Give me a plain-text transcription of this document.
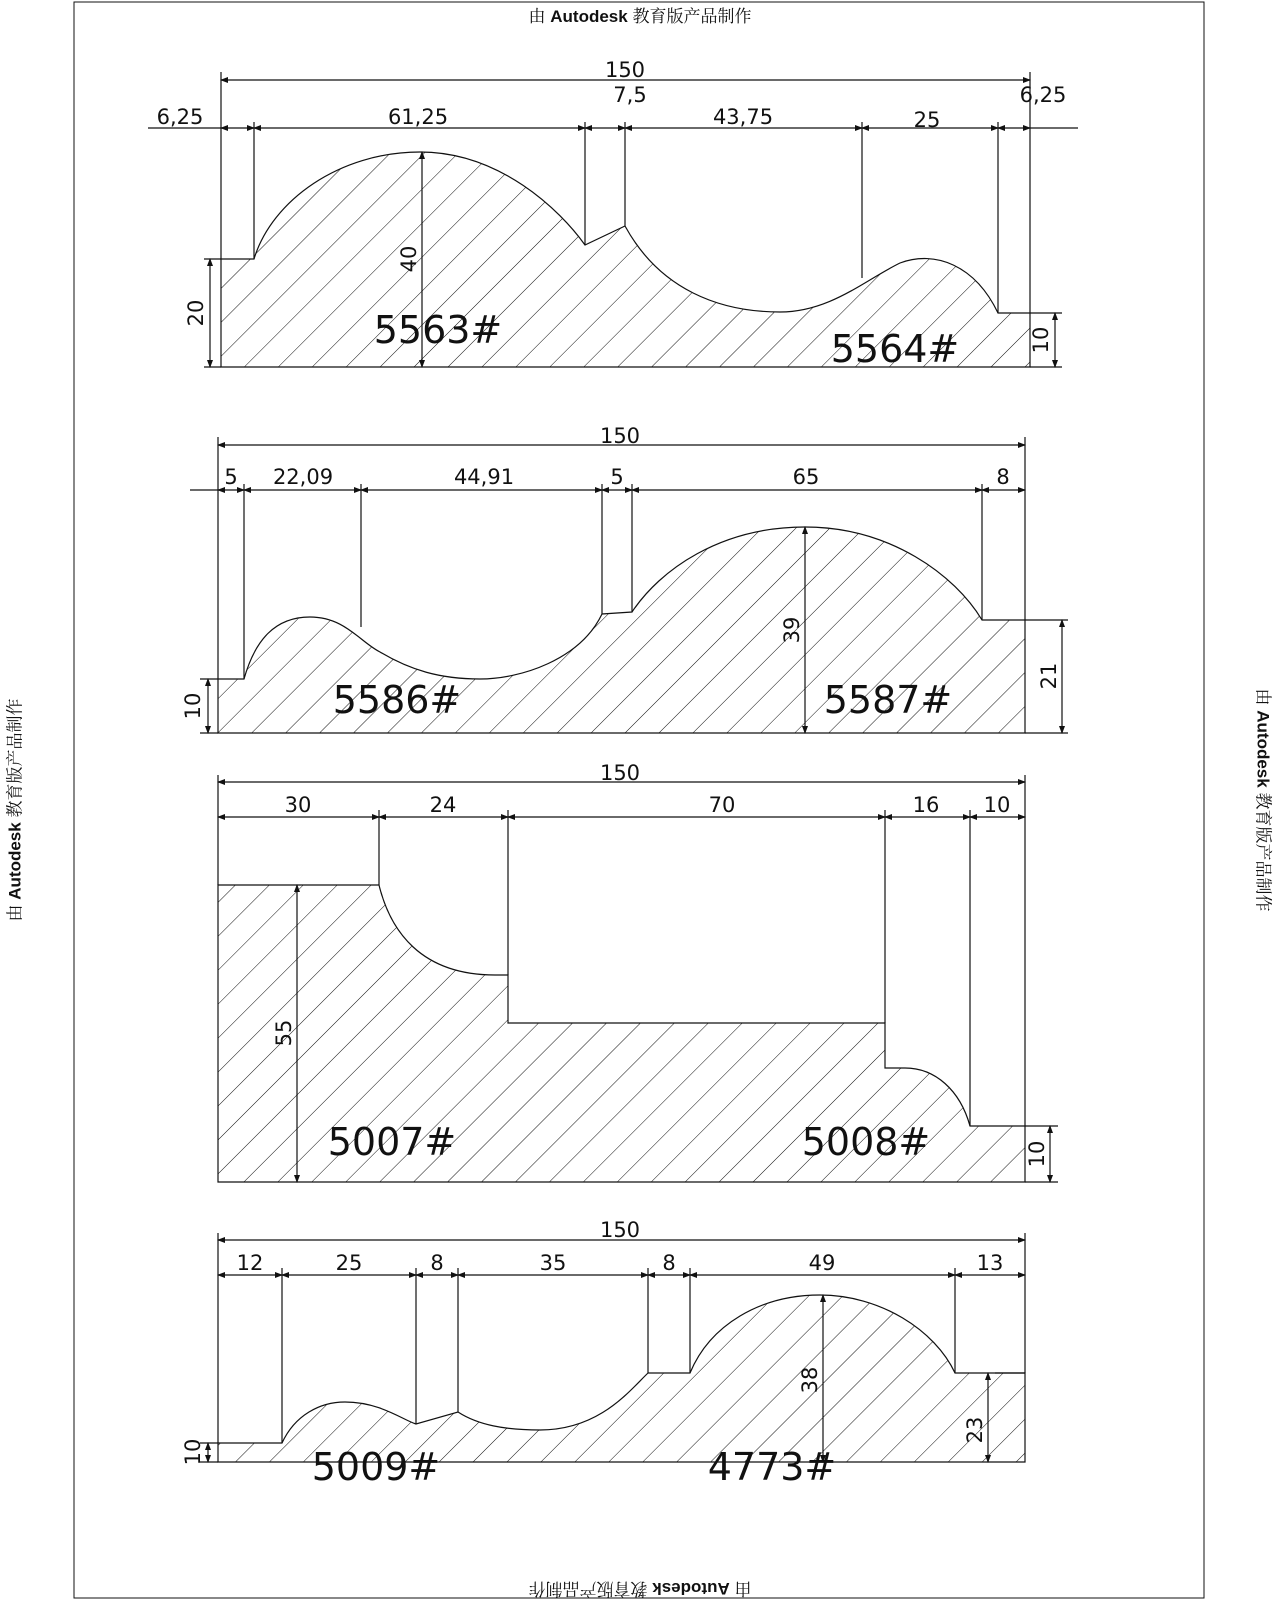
150
6,25	61,25
7,5
43,75	25
6,25
20
40
10
5563#	5564#
150
5 22,09	44,91	5	65	8
10
39
21
5586#	5587#
150
30	24	70	16 10
55
10
5007#	5008#
150
12	25	8	35	8	49	13
10
38
23
5009#	4773#
由 Autodesk 教育版产品制作
由 Autodesk 教育版产品制作
由 Autodesk 教育版产品制作
由 Autodesk 教育版产品制作
